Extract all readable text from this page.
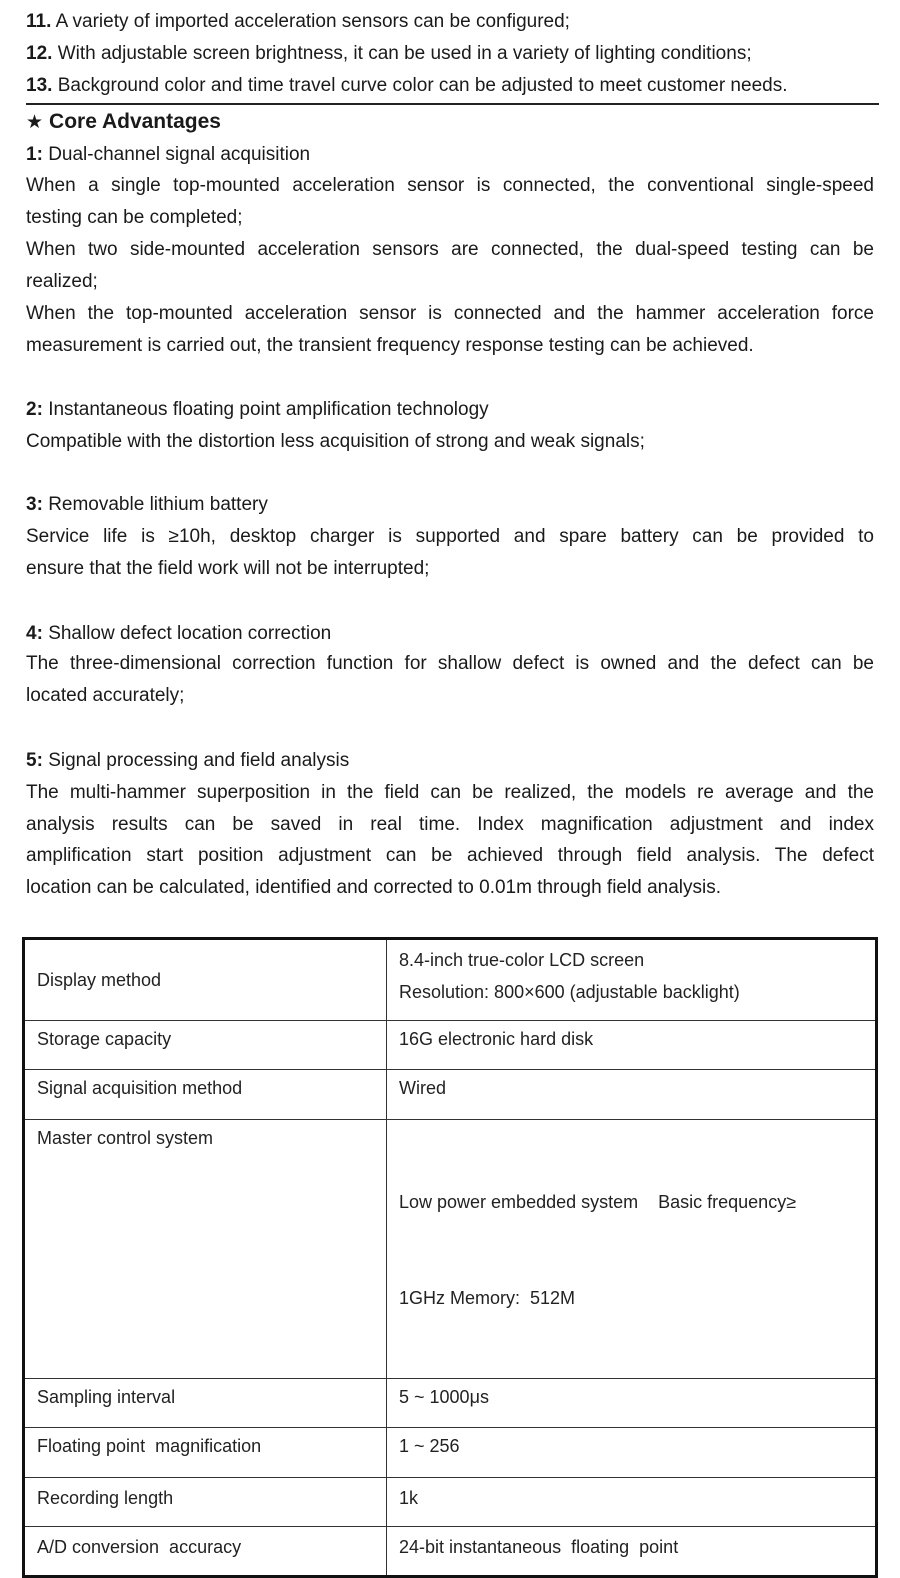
11. A variety of imported acceleration sensors can be configured;
12. With adjustable screen brightness, it can be used in a variety of lighting conditions;
13. Background color and time travel curve color can be adjusted to meet customer needs.
★ Core Advantages
1: Dual-channel signal acquisition
When a single top-mounted acceleration sensor is connected, the conventional single-speed
testing can be completed;
When two side-mounted acceleration sensors are connected, the dual-speed testing can be
realized;
When the top-mounted acceleration sensor is connected and the hammer acceleration force
measurement is carried out, the transient frequency response testing can be achieved.
2: Instantaneous floating point amplification technology
Compatible with the distortion less acquisition of strong and weak signals;
3: Removable lithium battery
Service life is ≥10h, desktop charger is supported and spare battery can be provided to
ensure that the field work will not be interrupted;
4: Shallow defect location correction
The three-dimensional correction function for shallow defect is owned and the defect can be
located accurately;
5: Signal processing and field analysis
The multi-hammer superposition in the field can be realized, the models re average and the
analysis results can be saved in real time. Index magnification adjustment and index
amplification start position adjustment can be achieved through field analysis. The defect
location can be calculated, identified and corrected to 0.01m through field analysis.
Display method	8.4-inch true-color LCD screen
Resolution: 800×600 (adjustable backlight)

Storage capacity	16G electronic hard disk
Signal acquisition method	Wired
Master control system	Low power embedded system    Basic frequency≥

1GHz Memory:  512M

Sampling interval	5 ~ 1000μs
Floating point  magnification	1 ~ 256
Recording length	1k
A/D conversion  accuracy	24-bit instantaneous  floating  point
